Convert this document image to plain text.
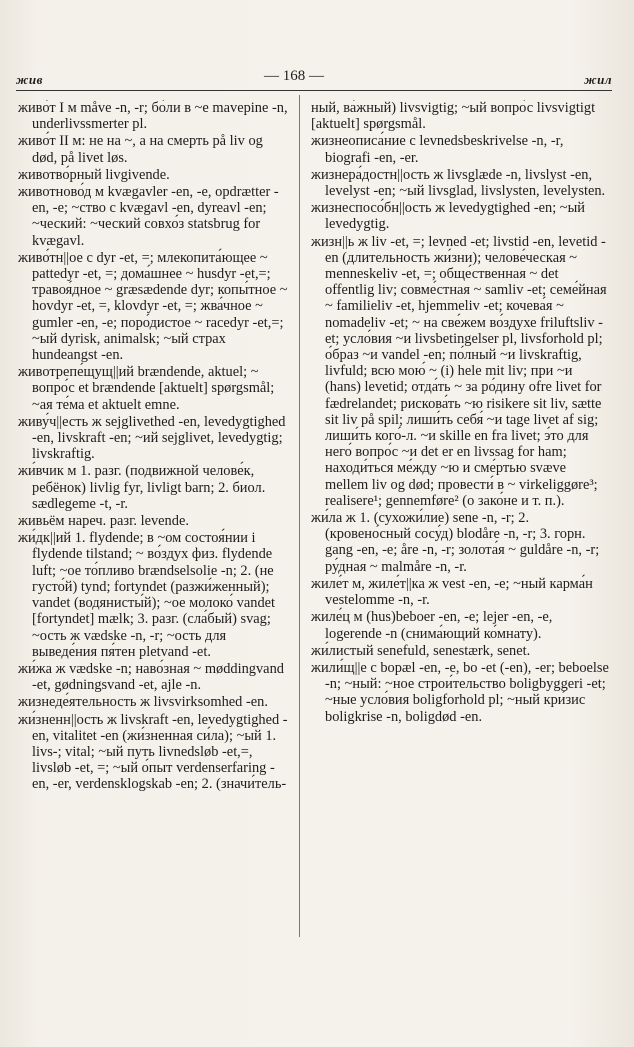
жив	— 168 —	жил

живо́т I м måve -n, -r; бо́ли в ~е mavepine -n, underlivssmerter pl.

живо́т II м: не на ~, а на смерть på liv og død, på livet løs.

животво́рный livgivende.

животново́д м kvægavler -en, -e, opdrætter -en, -e; ~ство с kvægavl -en, dyreavl -en; ~ческий: ~ческий совхо́з statsbrug for kvægavl.

живо́тн||ое с dyr -et, =; млекопита́ющее ~ pattedyr -et, =; дома́шнее ~ husdyr -et,=; травоя́дное ~ græsædende dyr; копы́тное ~ hovdyr -et, =, klovdyr -et, =; жва́чное ~ gumler -en, -e; поро́дистое ~ racedyr -et,=; ~ый dyrisk, animalsk; ~ый страх hundeangst -en.

животрепе́щущ||ий brændende, aktuel; ~ вопро́с et brændende [aktuelt] spørgsmål; ~ая те́ма et aktuelt emne.

живу́ч||есть ж sejglivethed -en, levedygtighed -en, livskraft -en; ~ий sejglivet, levedygtig; livskraftig.

жи́вчик м 1. разг. (подвижной челове́к, ребёнок) livlig fyr, livligt barn; 2. биол. sædlegeme -t, -r.

живьём нареч. разг. levende.

жи́дк||ий 1. flydende; в ~ом состоя́нии i flydende tilstand; ~ во́здух физ. flydende luft; ~ое то́пливо brændselsolie -n; 2. (не густо́й) tynd; fortyndet (разжи́женный); vandet (водянисты́й); ~ое молоко́ vandet [fortyndet] mælk; 3. разг. (сла́бый) svag; ~ость ж vædske -n, -r; ~ость для выведе́ния пя́тен pletvand -et.

жи́жа ж vædske -n; наво́зная ~ møddingvand -et, gødningsvand -et, ajle -n.

жизнеде́ятельность ж livsvirksomhed -en.

жи́зненн||ость ж livskraft -en, levedygtighed -en, vitalitet -en (жи́зненная си́ла); ~ый 1. livs-; vital; ~ый путь livnedsløb -et,=, livsløb -et, =; ~ый о́пыт verdenserfaring -en, -er, verdensklogskab -en; 2. (значи́тель-

ный, ва́жный) livsvigtig; ~ый вопро́с livsvigtigt [aktuelt] spørgsmål.

жизнеописа́ние с levnedsbeskrivelse -n, -r, biografi -en, -er.

жизнера́достн||ость ж livsglæde -n, livslyst -en, levelyst -en; ~ый livsglad, livslysten, levelysten.

жизнеспосо́бн||ость ж levedygtighed -en; ~ый levedygtig.

жизн||ь ж liv -et, =; levned -et; livstid -en, levetid -en (длительность жи́зни); челове́ческая ~ menneskeliv -et, =; обще́ственная ~ det offentlig liv; совме́стная ~ samliv -et; семе́йная ~ familieliv -et, hjemmeliv -et; кочева́я ~ nomadeliv -et; ~ на све́жем во́здухе friluftsliv -et; усло́вия ~и livsbetingelser pl, livsforhold pl; о́браз ~и vandel -en; по́лный ~и livskraftig, livfuld; всю мою́ ~ (i) hele mit liv; при ~и (hans) levetid; отда́ть ~ за ро́дину ofre livet for fædrelandet; рискова́ть ~ю risikere sit liv, sætte sit liv på spil; лиши́ть себя́ ~и tage livet af sig; лиши́ть кого́-л. ~и skille en fra livet; э́то для него́ вопро́с ~и det er en livssag for ham; находи́ться ме́жду ~ю и сме́ртью svæve mellem liv og død; провести́ в ~ virkeliggøre³; realisere¹; gennemføre² (о зако́не и т. п.).

жи́ла ж 1. (сухожи́лие) sene -n, -r; 2. (кровено́сный сосу́д) blodåre -n, -r; 3. горн. gang -en, -e; åre -n, -r; золота́я ~ guldåre -n, -r; ру́дная ~ malmåre -n, -r.

жиле́т м, жиле́т||ка ж vest -en, -e; ~ный карма́н vestelomme -n, -r.

жиле́ц м (hus)beboer -en, -e; lejer -en, -e, logerende -n (снима́ющий ко́мнату).

жи́листый senefuld, senestærk, senet.

жили́щ||е с bopæl -en, -e, bo -et (-en), -er; beboelse -n; ~ный: ~ное строи́тельство boligbyggeri -et; ~ные усло́вия boligforhold pl; ~ный кри́зис boligkrise -n, boligdød -en.
